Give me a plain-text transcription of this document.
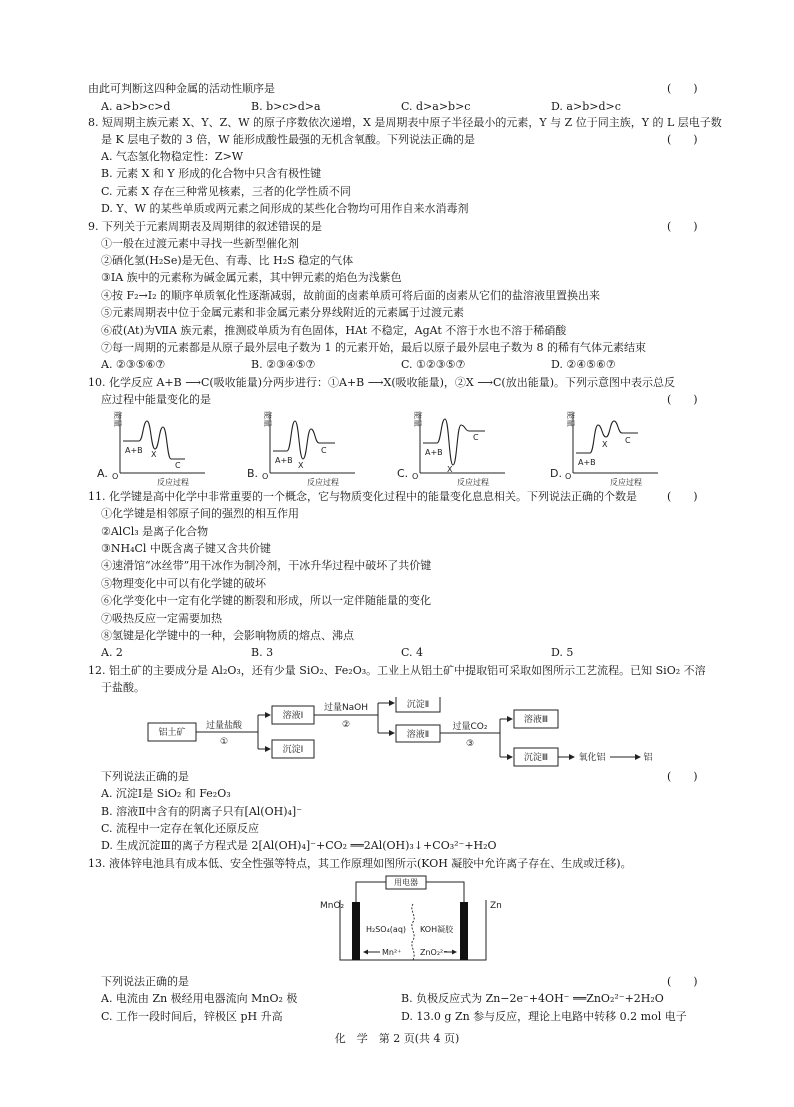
由此可判断这四种金属的活动性顺序是	(　　)
A. a>b>c>d	B. b>c>d>a	C. d>a>b>c	D. a>b>d>c
8. 短周期主族元素 X、Y、Z、W 的原子序数依次递增，X 是周期表中原子半径最小的元素，Y 与 Z 位于同主族，Y 的 L 层电子数
是 K 层电子数的 3 倍，W 能形成酸性最强的无机含氧酸。下列说法正确的是	(　　)
A. 气态氢化物稳定性：Z>W
B. 元素 X 和 Y 形成的化合物中只含有极性键
C. 元素 X 存在三种常见核素，三者的化学性质不同
D. Y、W 的某些单质或两元素之间形成的某些化合物均可用作自来水消毒剂
9. 下列关于元素周期表及周期律的叙述错误的是	(　　)
①一般在过渡元素中寻找一些新型催化剂
②硒化氢(H₂Se)是无色、有毒、比 H₂S 稳定的气体
③ⅠA 族中的元素称为碱金属元素，其中钾元素的焰色为浅紫色
④按 F₂→I₂ 的顺序单质氧化性逐渐减弱，故前面的卤素单质可将后面的卤素从它们的盐溶液里置换出来
⑤元素周期表中位于金属元素和非金属元素分界线附近的元素属于过渡元素
⑥砹(At)为ⅦA 族元素，推测砹单质为有色固体，HAt 不稳定，AgAt 不溶于水也不溶于稀硝酸
⑦每一周期的元素都是从原子最外层电子数为 1 的元素开始，最后以原子最外层电子数为 8 的稀有气体元素结束
A. ②③⑤⑥⑦	B. ②③④⑤⑦	C. ①②③⑤⑦	D. ②④⑤⑥⑦
10. 化学反应 A+B ⟶C(吸收能量)分两步进行：①A+B ⟶X(吸收能量)，②X ⟶C(放出能量)。下列示意图中表示总反
应过程中能量变化的是	(　　)
A.
能量
O
反应过程
A+B X
C
B.
能量
O
反应过程
A+B
X
C
C.
能量
O
反应过程
A+B
X
C
D.
能量
O
反应过程
A+B
X C
11. 化学键是高中化学中非常重要的一个概念，它与物质变化过程中的能量变化息息相关。下列说法正确的个数是	(　　)
①化学键是相邻原子间的强烈的相互作用
②AlCl₃ 是离子化合物
③NH₄Cl 中既含离子键又含共价键
④速滑馆“冰丝带”用干冰作为制冷剂，干冰升华过程中破坏了共价键
⑤物理变化中可以有化学键的破坏
⑥化学变化中一定有化学键的断裂和形成，所以一定伴随能量的变化
⑦吸热反应一定需要加热
⑧氢键是化学键中的一种，会影响物质的熔点、沸点
A. 2	B. 3	C. 4	D. 5
12. 铝土矿的主要成分是 Al₂O₃，还有少量 SiO₂、Fe₂O₃。工业上从铝土矿中提取铝可采取如图所示工艺流程。已知 SiO₂ 不溶
于盐酸。
铝土矿
过量盐酸
①
溶液Ⅰ
沉淀Ⅰ
过量NaOH
②
沉淀Ⅱ
溶液Ⅱ
过量CO₂
③
溶液Ⅲ
沉淀Ⅲ	氧化铝	铝
下列说法正确的是	(　　)
A. 沉淀Ⅰ是 SiO₂ 和 Fe₂O₃
B. 溶液Ⅱ中含有的阴离子只有[Al(OH)₄]⁻
C. 流程中一定存在氧化还原反应
D. 生成沉淀Ⅲ的离子方程式是 2[Al(OH)₄]⁻+CO₂ ══2Al(OH)₃↓+CO₃²⁻+H₂O
13. 液体锌电池具有成本低、安全性强等特点，其工作原理如图所示(KOH 凝胶中允许离子存在、生成或迁移)。
用电器
MnO₂	Zn
H₂SO₄(aq) KOH凝胶
Mn²⁺ ZnO₂²⁻
下列说法正确的是	(　　)
A. 电流由 Zn 极经用电器流向 MnO₂ 极	B. 负极反应式为 Zn−2e⁻+4OH⁻ ══ZnO₂²⁻+2H₂O
C. 工作一段时间后，锌极区 pH 升高	D. 13.0 g Zn 参与反应，理论上电路中转移 0.2 mol 电子
化　学　第 2 页(共 4 页)
